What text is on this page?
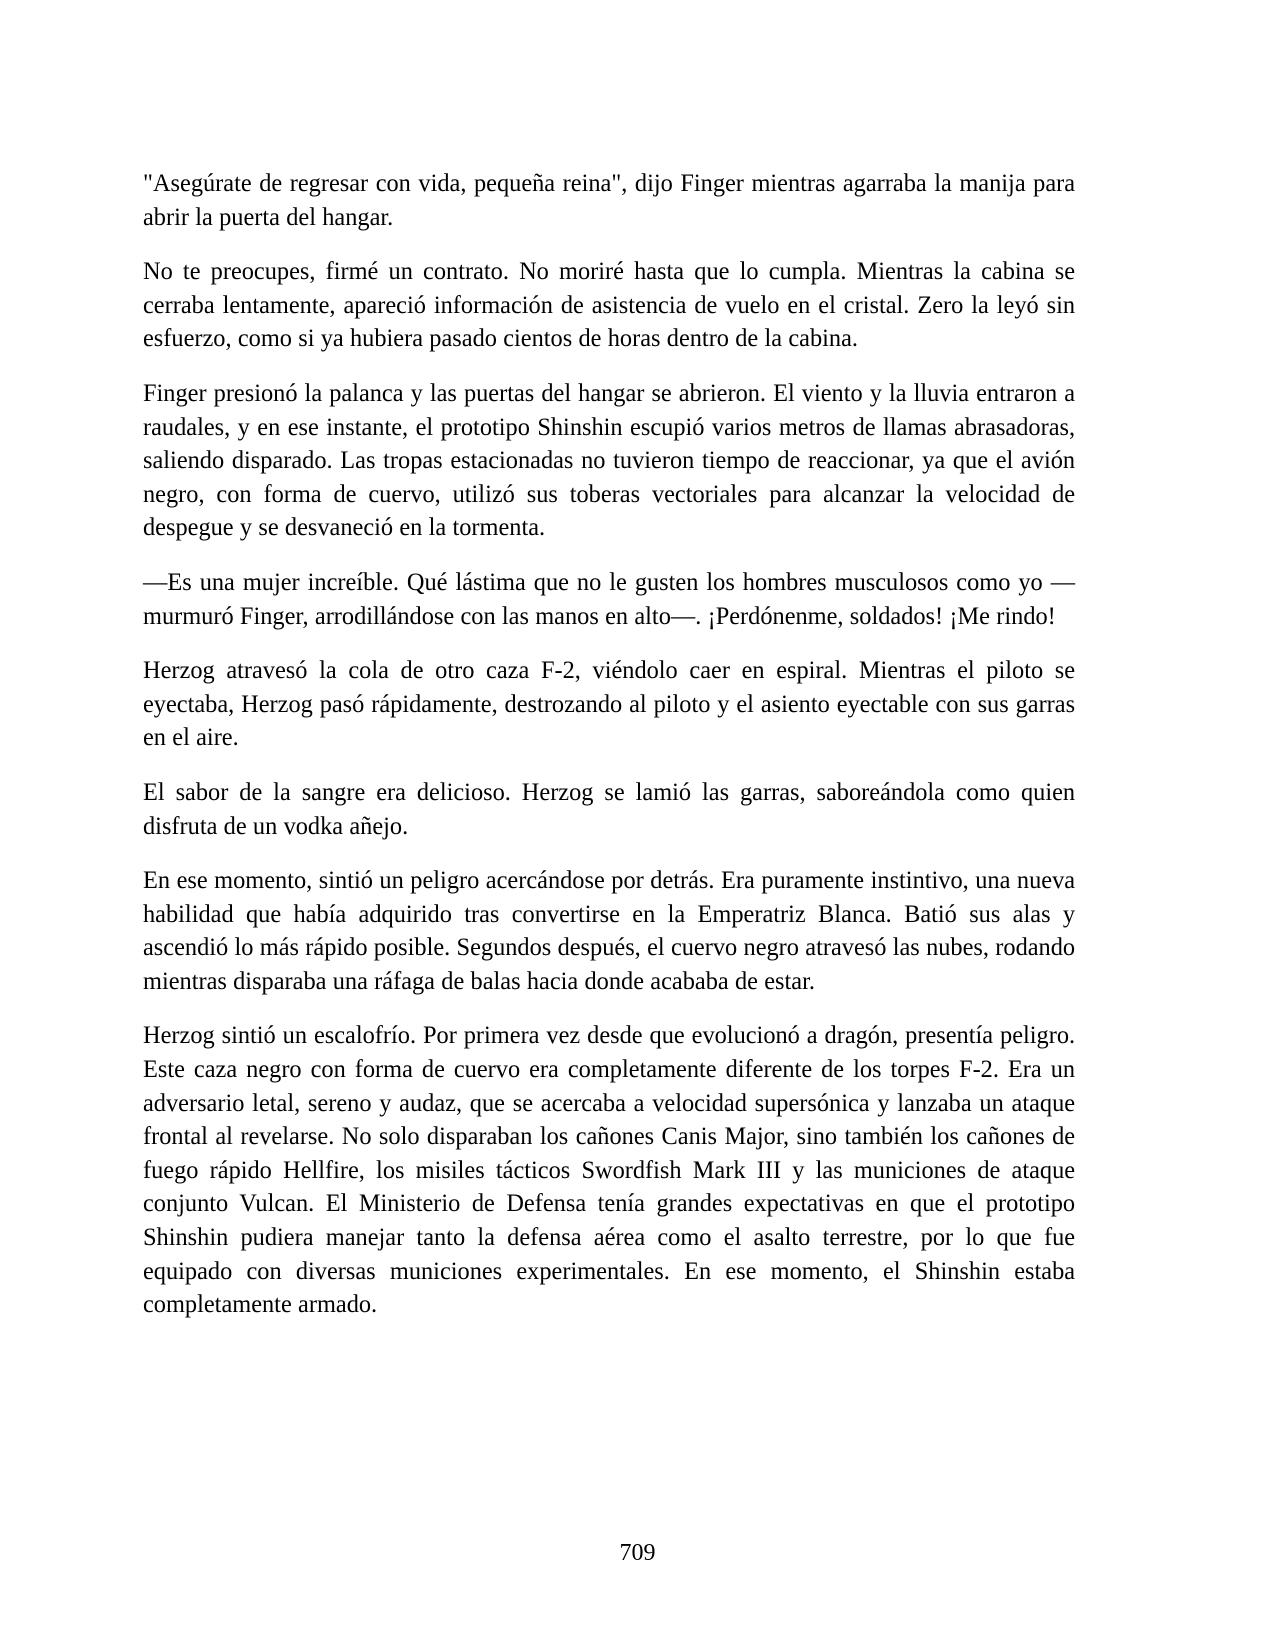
"Asegúrate de regresar con vida, pequeña reina", dijo Finger mientras agarraba la manija para abrir la puerta del hangar.

No te preocupes, firmé un contrato. No moriré hasta que lo cumpla. Mientras la cabina se cerraba lentamente, apareció información de asistencia de vuelo en el cristal. Zero la leyó sin esfuerzo, como si ya hubiera pasado cientos de horas dentro de la cabina.

Finger presionó la palanca y las puertas del hangar se abrieron. El viento y la lluvia entraron a raudales, y en ese instante, el prototipo Shinshin escupió varios metros de llamas abrasadoras, saliendo disparado. Las tropas estacionadas no tuvieron tiempo de reaccionar, ya que el avión negro, con forma de cuervo, utilizó sus toberas vectoriales para alcanzar la velocidad de despegue y se desvaneció en la tormenta.

—Es una mujer increíble. Qué lástima que no le gusten los hombres musculosos como yo —murmuró Finger, arrodillándose con las manos en alto—. ¡Perdónenme, soldados! ¡Me rindo!

Herzog atravesó la cola de otro caza F-2, viéndolo caer en espiral. Mientras el piloto se eyectaba, Herzog pasó rápidamente, destrozando al piloto y el asiento eyectable con sus garras en el aire.

El sabor de la sangre era delicioso. Herzog se lamió las garras, saboreándola como quien disfruta de un vodka añejo.

En ese momento, sintió un peligro acercándose por detrás. Era puramente instintivo, una nueva habilidad que había adquirido tras convertirse en la Emperatriz Blanca. Batió sus alas y ascendió lo más rápido posible. Segundos después, el cuervo negro atravesó las nubes, rodando mientras disparaba una ráfaga de balas hacia donde acababa de estar.

Herzog sintió un escalofrío. Por primera vez desde que evolucionó a dragón, presentía peligro. Este caza negro con forma de cuervo era completamente diferente de los torpes F-2. Era un adversario letal, sereno y audaz, que se acercaba a velocidad supersónica y lanzaba un ataque frontal al revelarse. No solo disparaban los cañones Canis Major, sino también los cañones de fuego rápido Hellfire, los misiles tácticos Swordfish Mark III y las municiones de ataque conjunto Vulcan. El Ministerio de Defensa tenía grandes expectativas en que el prototipo Shinshin pudiera manejar tanto la defensa aérea como el asalto terrestre, por lo que fue equipado con diversas municiones experimentales. En ese momento, el Shinshin estaba completamente armado.

709
